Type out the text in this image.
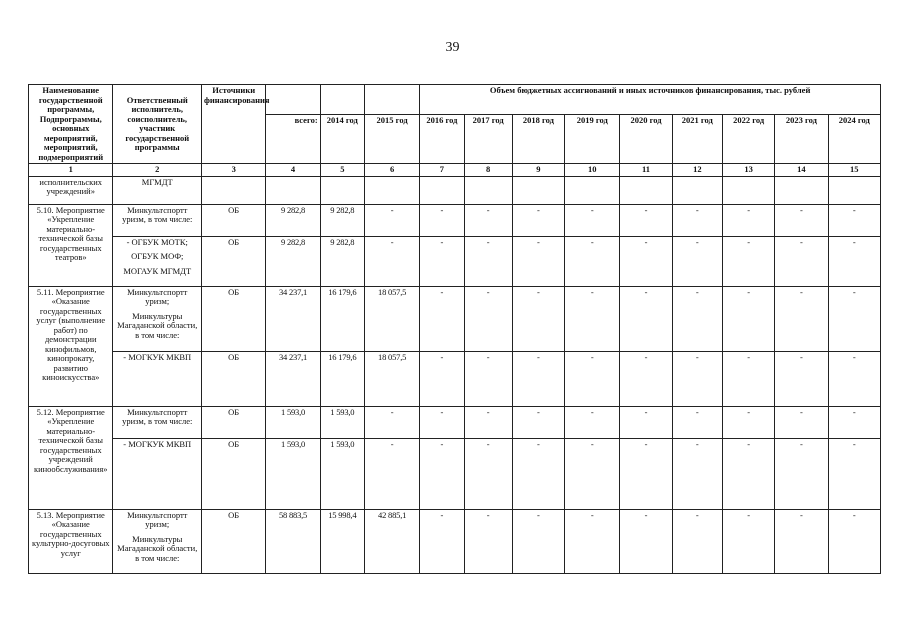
39
Наименование государственной программы, Подпрограммы, основных мероприятий, мероприятий, подмероприятий	Ответственный исполнитель, соисполнитель, участник государственной программы	Источники финансирования				Объем бюджетных ассигнований и иных источников финансирования, тыс. рублей								
			всего:	2014 год	2015 год	2016 год	2017 год	2018 год	2019 год	2020 год	2021 год	2022 год	2023 год	2024 год
1	2	3	4	5	6	7	8	9	10	11	12	13	14	15
исполнительских учреждений»	МГМДТ													

5.10. Мероприятие «Укрепление материально-технической базы государственных театров»	Минкультспортт уризм, в том числе:	ОБ	9 282,8	9 282,8	-	-	-	-	-	-	-	-	-	-

	- ОГБУК МОТК;
ОГБУК МОФ;
МОГАУК МГМДТ	ОБ	9 282,8	9 282,8	-	-	-	-	-	-	-	-	-	-
5.11. Мероприятие «Оказание государственных услуг (выполнение работ) по демонстрации кинофильмов, кинопрокату, развитию киноискусства»	Минкультспортт уризм;
Минкультуры Магаданской области, в том числе:	ОБ	34 237,1	16 179,6	18 057,5	-	-	-	-	-	-	-	-	-

	- МОГКУК МКВП	ОБ	34 237,1	16 179,6	18 057,5	-	-	-	-	-	-	-	-	-
5.12. Мероприятие «Укрепление материально-технической базы государственных учреждений кинообслуживания»	Минкультспортт уризм, в том числе:	ОБ	1 593,0	1 593,0	-	-	-	-	-	-	-	-	-	-

	- МОГКУК МКВП	ОБ	1 593,0	1 593,0	-	-	-	-	-	-	-	-	-	-
5.13. Мероприятие «Оказание государственных культурно-досуговых услуг	Минкультспортт уризм;
Минкультуры Магаданской области, в том числе:	ОБ	58 883,5	15 998,4	42 885,1	-	-	-	-	-	-	-	-	-
